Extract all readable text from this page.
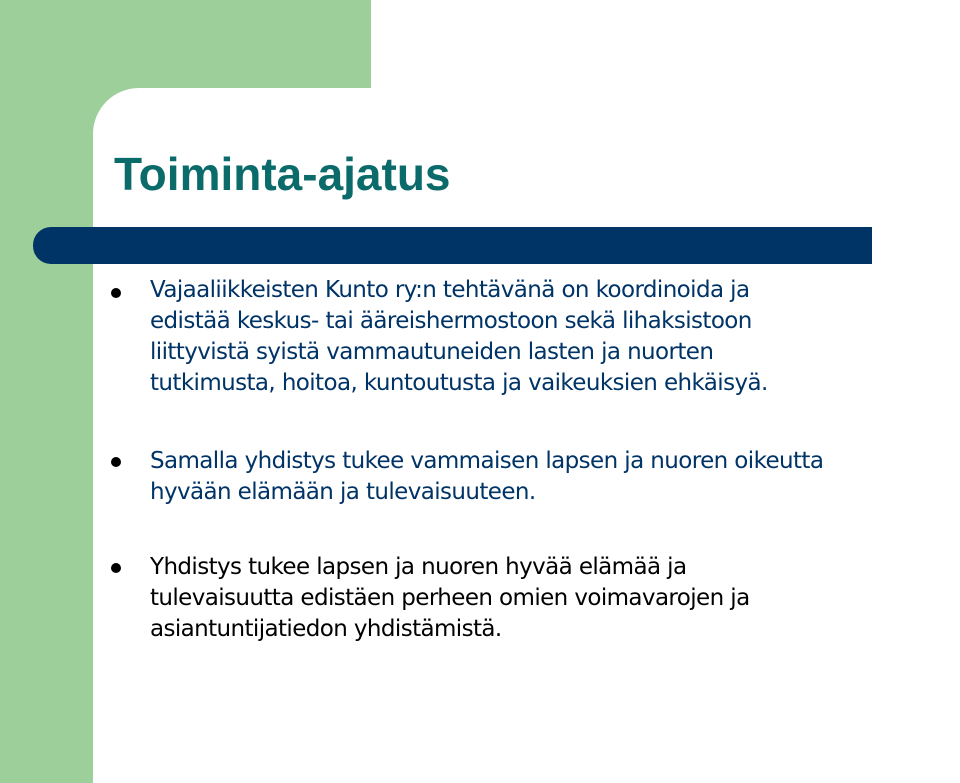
Toiminta-ajatus

Vajaaliikkeisten Kunto ry:n tehtävänä on koordinoida ja
edistää keskus- tai ääreishermostoon sekä lihaksistoon
liittyvistä syistä vammautuneiden lasten ja nuorten
tutkimusta, hoitoa, kuntoutusta ja vaikeuksien ehkäisyä.

Samalla yhdistys tukee vammaisen lapsen ja nuoren oikeutta
hyvään elämään ja tulevaisuuteen.

Yhdistys tukee lapsen ja nuoren hyvää elämää ja
tulevaisuutta edistäen perheen omien voimavarojen ja
asiantuntijatiedon yhdistämistä.
